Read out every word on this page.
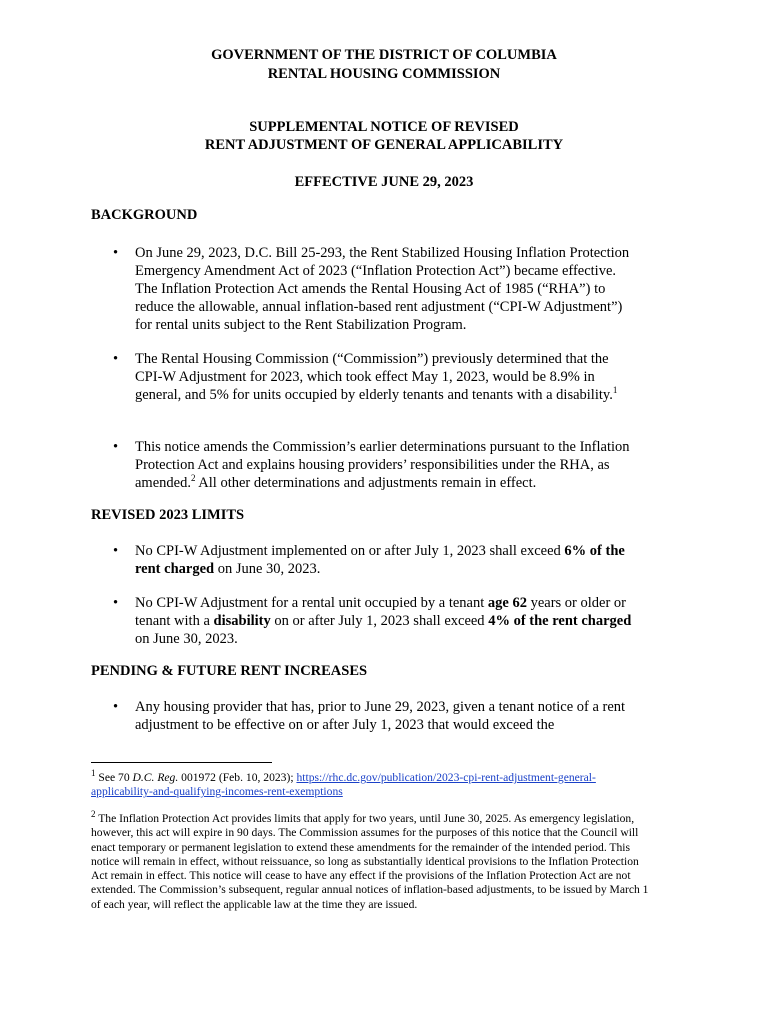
GOVERNMENT OF THE DISTRICT OF COLUMBIA
RENTAL HOUSING COMMISSION
SUPPLEMENTAL NOTICE OF REVISED
RENT ADJUSTMENT OF GENERAL APPLICABILITY
EFFECTIVE JUNE 29, 2023
BACKGROUND
• On June 29, 2023, D.C. Bill 25-293, the Rent Stabilized Housing Inflation Protection Emergency Amendment Act of 2023 (“Inflation Protection Act”) became effective. The Inflation Protection Act amends the Rental Housing Act of 1985 (“RHA”) to reduce the allowable, annual inflation-based rent adjustment (“CPI-W Adjustment”) for rental units subject to the Rent Stabilization Program.
• The Rental Housing Commission (“Commission”) previously determined that the CPI-W Adjustment for 2023, which took effect May 1, 2023, would be 8.9% in general, and 5% for units occupied by elderly tenants and tenants with a disability.$^1$
• This notice amends the Commission’s earlier determinations pursuant to the Inflation Protection Act and explains housing providers’ responsibilities under the RHA, as amended.$^2$ All other determinations and adjustments remain in effect.
REVISED 2023 LIMITS
• No CPI-W Adjustment implemented on or after July 1, 2023 shall exceed 6% of the rent charged on June 30, 2023.
• No CPI-W Adjustment for a rental unit occupied by a tenant age 62 years or older or tenant with a disability on or after July 1, 2023 shall exceed 4% of the rent charged on June 30, 2023.
PENDING & FUTURE RENT INCREASES
• Any housing provider that has, prior to June 29, 2023, given a tenant notice of a rent adjustment to be effective on or after July 1, 2023 that would exceed the
$^1$ See 70 D.C. Reg. 001972 (Feb. 10, 2023); https://rhc.dc.gov/publication/2023-cpi-rent-adjustment-general-applicability-and-qualifying-incomes-rent-exemptions
$^2$ The Inflation Protection Act provides limits that apply for two years, until June 30, 2025. As emergency legislation, however, this act will expire in 90 days. The Commission assumes for the purposes of this notice that the Council will enact temporary or permanent legislation to extend these amendments for the remainder of the intended period. This notice will remain in effect, without reissuance, so long as substantially identical provisions to the Inflation Protection Act remain in effect. This notice will cease to have any effect if the provisions of the Inflation Protection Act are not extended. The Commission’s subsequent, regular annual notices of inflation-based adjustments, to be issued by March 1 of each year, will reflect the applicable law at the time they are issued.
